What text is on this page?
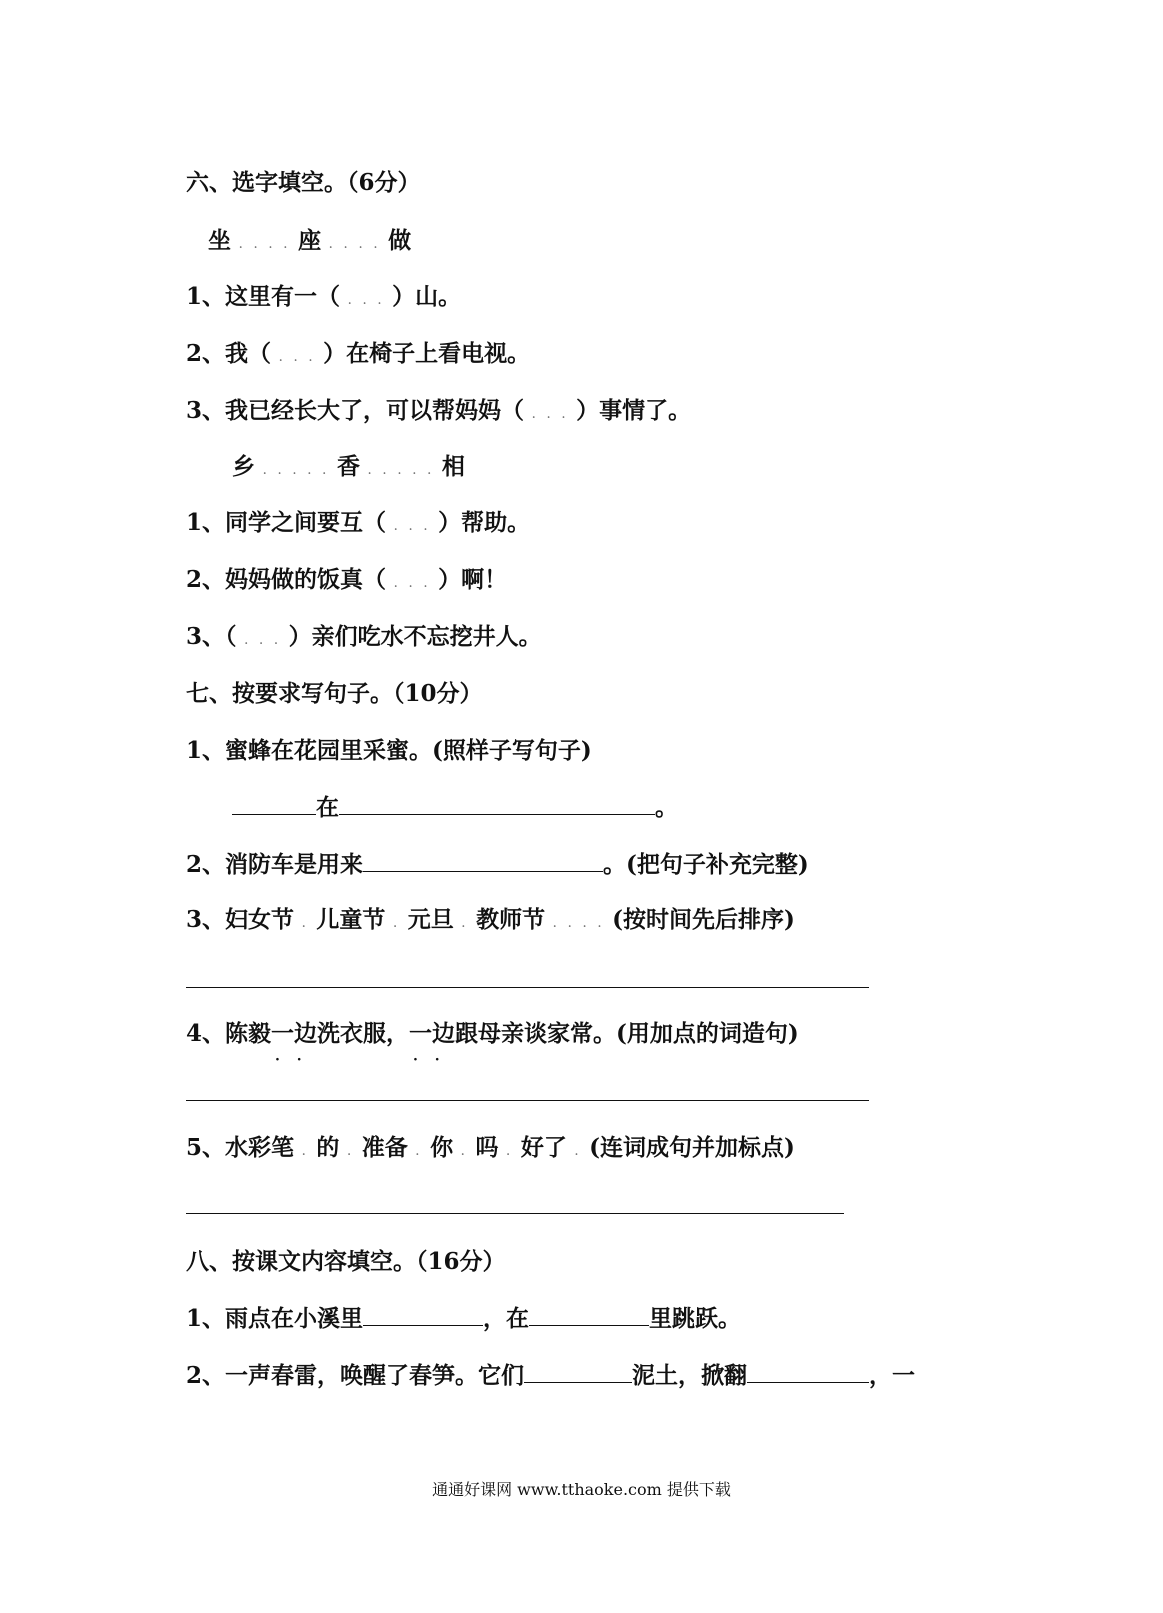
六、选字填空。（6分）
坐 . . . . 座 . . . . 做
1、这里有一（ . . . ）山。
2、我（ . . . ）在椅子上看电视。
3、我已经长大了，可以帮妈妈（ . . . ）事情了。
乡 . . . . . 香 . . . . . 相
1、同学之间要互（ . . . ）帮助。
2、妈妈做的饭真（ . . . ）啊！
3、（ . . . ）亲们吃水不忘挖井人。
七、按要求写句子。（10分）
1、蜜蜂在花园里采蜜。(照样子写句子)
在	。
2、消防车是用来	。(把句子补充完整)
3、妇女节 . 儿童节 . 元旦 . 教师节 . . . . (按时间先后排序)
4、陈毅一边 · ·洗衣服，一边 · ·跟母亲谈家常。(用加点的词造句)
5、水彩笔 . 的 . 准备 . 你 . 吗 . 好了 . (连词成句并加标点)
八、按课文内容填空。（16分）
1、雨点在小溪里	，在	里跳跃。
2、一声春雷，唤醒了春笋。它们	泥土，掀翻	，一
通通好课网 www.tthaoke.com 提供下载
